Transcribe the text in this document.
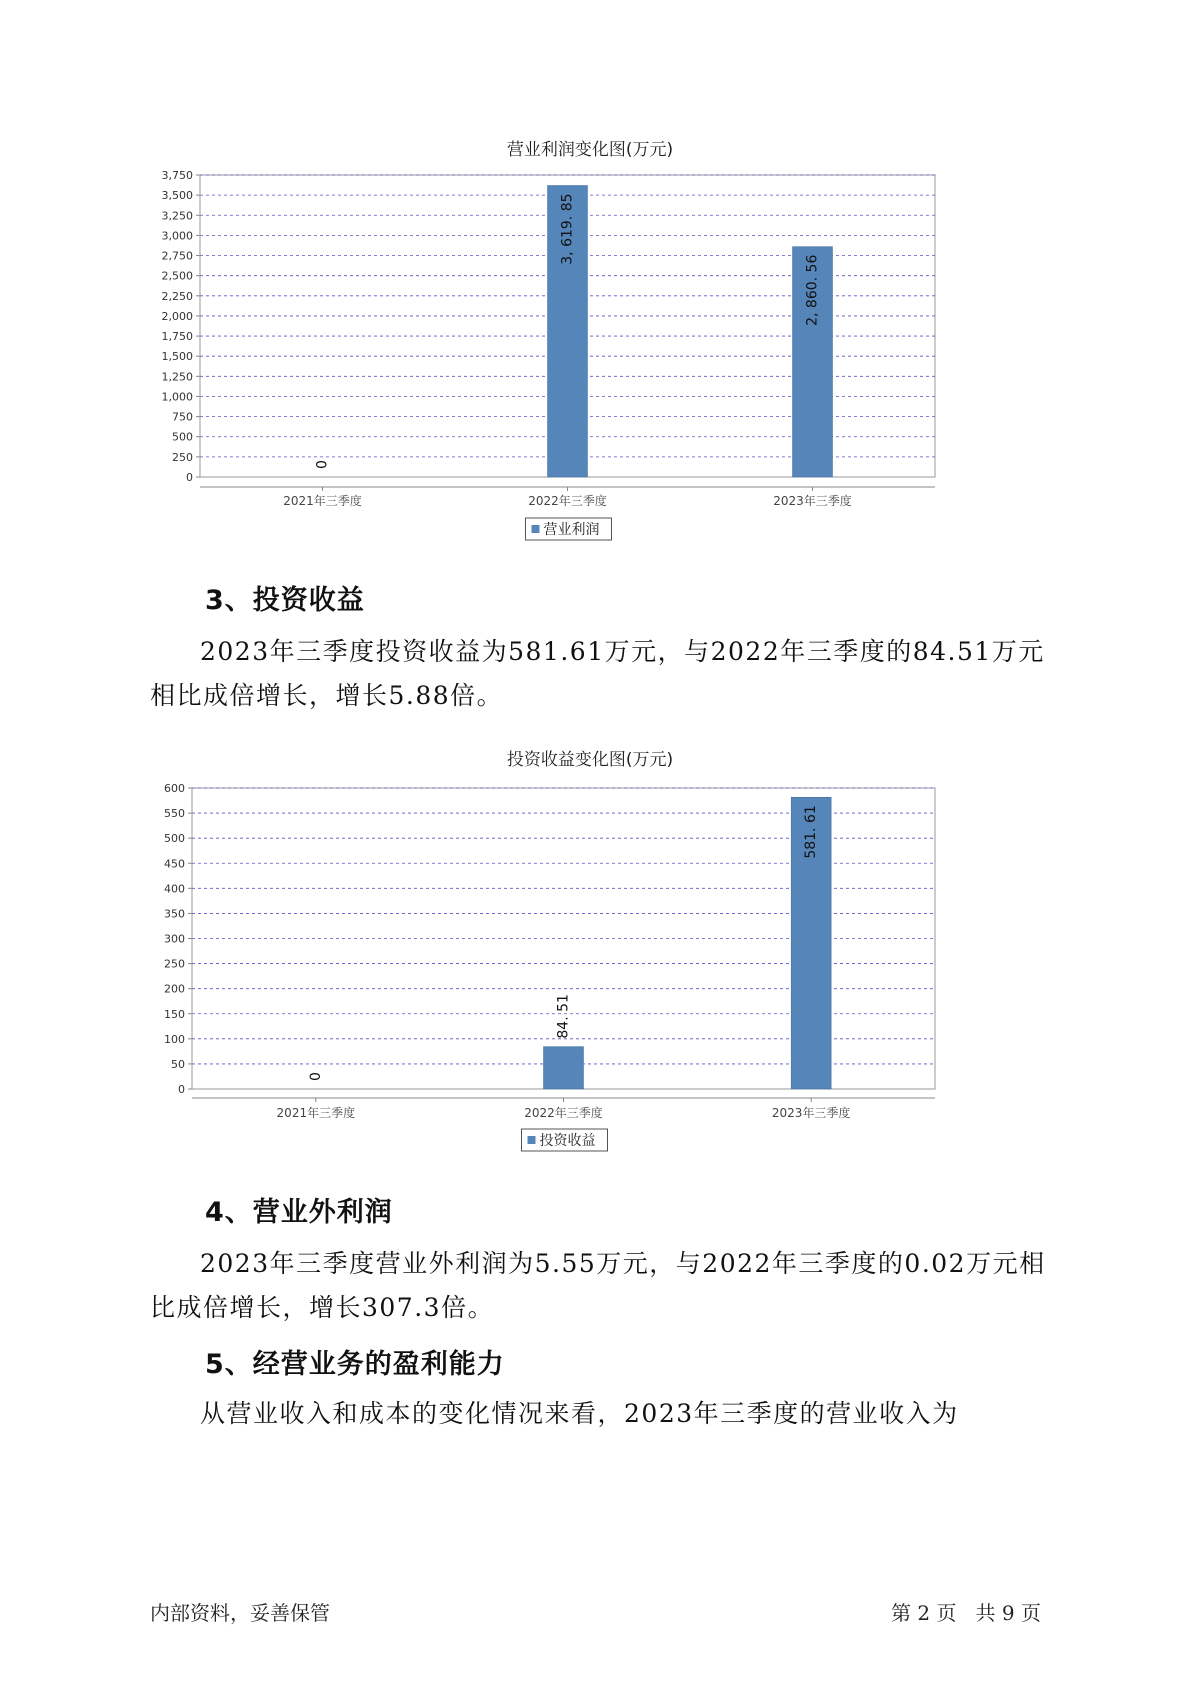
营业利润变化图(万元)
0
250
500
750
1,000
1,250
1,500
1,750
2,000
2,250
2,500
2,750
3,000
3,250
3,500
3,750
2021年三季度
0
2022年三季度
3, 619. 85
2023年三季度
2, 860. 56
营业利润
3、投资收益

2023年三季度投资收益为581.61万元，与2022年三季度的84.51万元相比成倍增长，增长5.88倍。

投资收益变化图(万元)
0
50
100
150
200
250
300
350
400
450
500
550
600
2021年三季度
0
2022年三季度
84. 51
2023年三季度
581. 61
投资收益
4、营业外利润

2023年三季度营业外利润为5.55万元，与2022年三季度的0.02万元相比成倍增长，增长307.3倍。

5、经营业务的盈利能力

从营业收入和成本的变化情况来看，2023年三季度的营业收入为

内部资料，妥善保管	第 2 页   共 9 页
